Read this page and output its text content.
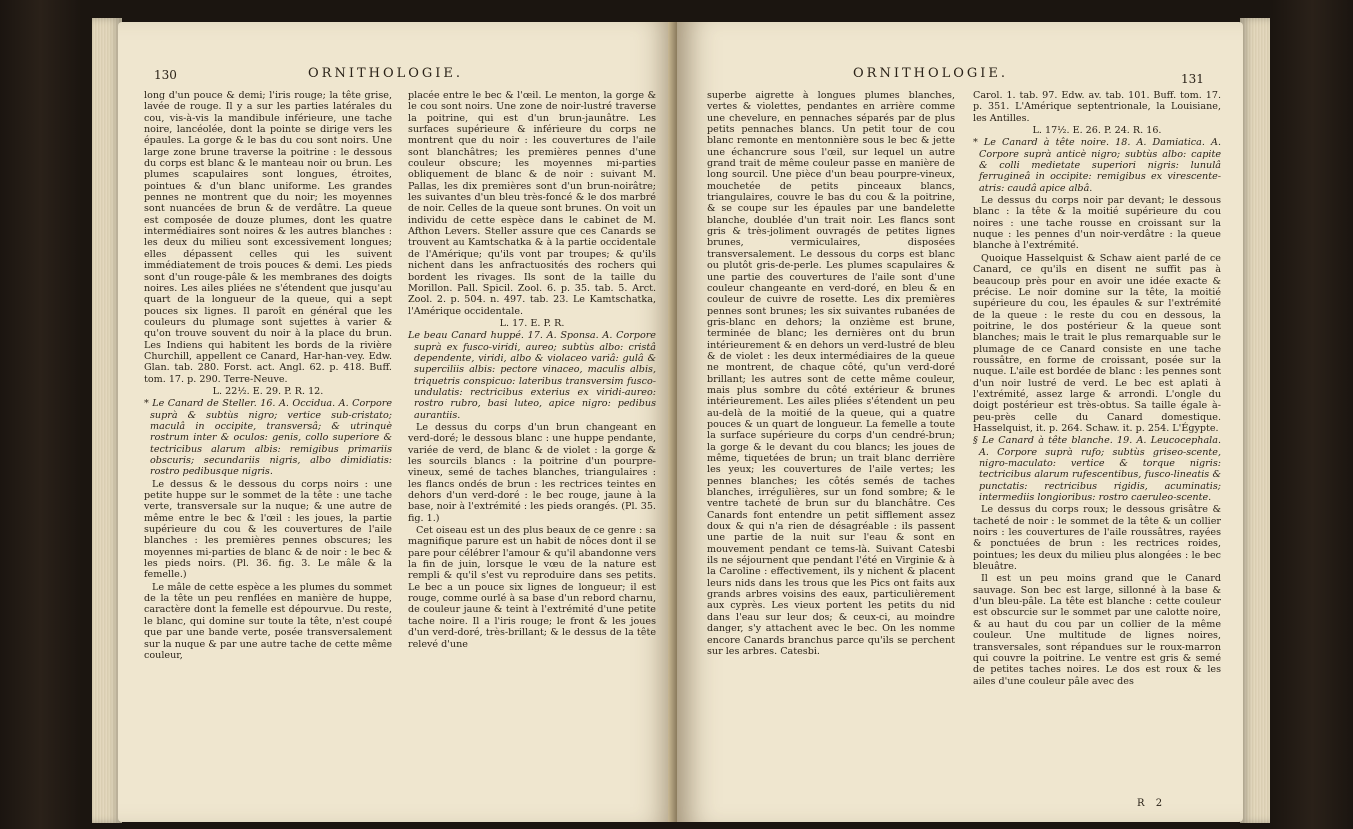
130	ORNITHOLOGIE.

long d'un pouce & demi; l'iris rouge; la tête grise, lavée de rouge. Il y a sur les parties latérales du cou, vis-à-vis la mandibule inférieure, une tache noire, lancéolée, dont la pointe se dirige vers les épaules. La gorge & le bas du cou sont noirs. Une large zone brune traverse la poitrine : le dessous du corps est blanc & le manteau noir ou brun. Les plumes scapulaires sont longues, étroites, pointues & d'un blanc uniforme. Les grandes pennes ne montrent que du noir; les moyennes sont nuancées de brun & de verdâtre. La queue est composée de douze plumes, dont les quatre intermédiaires sont noires & les autres blanches : les deux du milieu sont excessivement longues; elles dépassent celles qui les suivent immédiatement de trois pouces & demi. Les pieds sont d'un rouge-pâle & les membranes des doigts noires. Les ailes pliées ne s'étendent que jusqu'au quart de la longueur de la queue, qui a sept pouces six lignes. Il paroît en général que les couleurs du plumage sont sujettes à varier & qu'on trouve souvent du noir à la place du brun. Les Indiens qui habitent les bords de la rivière Churchill, appellent ce Canard, Har-han-vey. Edw. Glan. tab. 280. Forst. act. Angl. 62. p. 418. Buff. tom. 17. p. 290. Terre-Neuve.

L. 22½. E. 29. P. R. 12.

* Le Canard de Steller. 16. A. Occidua. A. Corpore suprà & subtùs nigro; vertice sub-cristato; maculâ in occipite, transversâ; & utrinquè rostrum inter & oculos: genis, collo superiore & tectricibus alarum albis: remigibus primariis obscuris; secundariis nigris, albo dimidiatis: rostro pedibusque nigris.

Le dessus & le dessous du corps noirs : une petite huppe sur le sommet de la tête : une tache verte, transversale sur la nuque; & une autre de même entre le bec & l'œil : les joues, la partie supérieure du cou & les couvertures de l'aile blanches : les premières pennes obscures; les moyennes mi-parties de blanc & de noir : le bec & les pieds noirs. (Pl. 36. fig. 3. Le mâle & la femelle.)

Le mâle de cette espèce a les plumes du sommet de la tête un peu renflées en manière de huppe, caractère dont la femelle est dépourvue. Du reste, le blanc, qui domine sur toute la tête, n'est coupé que par une bande verte, posée transversalement sur la nuque & par une autre tache de cette même couleur,

placée entre le bec & l'œil. Le menton, la gorge & le cou sont noirs. Une zone de noir-lustré traverse la poitrine, qui est d'un brun-jaunâtre. Les surfaces supérieure & inférieure du corps ne montrent que du noir : les couvertures de l'aile sont blanchâtres; les premières pennes d'une couleur obscure; les moyennes mi-parties obliquement de blanc & de noir : suivant M. Pallas, les dix premières sont d'un brun-noirâtre; les suivantes d'un bleu très-foncé & le dos marbré de noir. Celles de la queue sont brunes. On voit un individu de cette espèce dans le cabinet de M. Afthon Levers. Steller assure que ces Canards se trouvent au Kamtschatka & à la partie occidentale de l'Amérique; qu'ils vont par troupes; & qu'ils nichent dans les anfractuosités des rochers qui bordent les rivages. Ils sont de la taille du Morillon. Pall. Spicil. Zool. 6. p. 35. tab. 5. Arct. Zool. 2. p. 504. n. 497. tab. 23. Le Kamtschatka, l'Amérique occidentale.

L. 17. E. P. R.

Le beau Canard huppé. 17. A. Sponsa. A. Corpore suprà ex fusco-viridi, aureo; subtùs albo: cristâ dependente, viridi, albo & violaceo variâ: gulâ & superciliis albis: pectore vinaceo, maculis albis, triquetris conspicuo: lateribus transversim fusco-undulatis: rectricibus exterius ex viridi-aureo: rostro rubro, basi luteo, apice nigro: pedibus aurantiis.

Le dessus du corps d'un brun changeant en verd-doré; le dessous blanc : une huppe pendante, variée de verd, de blanc & de violet : la gorge & les sourcils blancs : la poitrine d'un pourpre-vineux, semé de taches blanches, triangulaires : les flancs ondés de brun : les rectrices teintes en dehors d'un verd-doré : le bec rouge, jaune à la base, noir à l'extrémité : les pieds orangés. (Pl. 35. fig. 1.)

Cet oiseau est un des plus beaux de ce genre : sa magnifique parure est un habit de nôces dont il se pare pour célébrer l'amour & qu'il abandonne vers la fin de juin, lorsque le vœu de la nature est rempli & qu'il s'est vu reproduire dans ses petits. Le bec a un pouce six lignes de longueur; il est rouge, comme ourlé à sa base d'un rebord charnu, de couleur jaune & teint à l'extrémité d'une petite tache noire. Il a l'iris rouge; le front & les joues d'un verd-doré, très-brillant; & le dessus de la tête relevé d'une

ORNITHOLOGIE.	131

superbe aigrette à longues plumes blanches, vertes & violettes, pendantes en arrière comme une chevelure, en pennaches séparés par de plus petits pennaches blancs. Un petit tour de cou blanc remonte en mentonnière sous le bec & jette une échancrure sous l'œil, sur lequel un autre grand trait de même couleur passe en manière de long sourcil. Une pièce d'un beau pourpre-vineux, mouchetée de petits pinceaux blancs, triangulaires, couvre le bas du cou & la poitrine, & se coupe sur les épaules par une bandelette blanche, doublée d'un trait noir. Les flancs sont gris & très-joliment ouvragés de petites lignes brunes, vermiculaires, disposées transversalement. Le dessous du corps est blanc ou plutôt gris-de-perle. Les plumes scapulaires & une partie des couvertures de l'aile sont d'une couleur changeante en verd-doré, en bleu & en couleur de cuivre de rosette. Les dix premières pennes sont brunes; les six suivantes rubanées de gris-blanc en dehors; la onzième est brune, terminée de blanc; les dernières ont du brun intérieurement & en dehors un verd-lustré de bleu & de violet : les deux intermédiaires de la queue ne montrent, de chaque côté, qu'un verd-doré brillant; les autres sont de cette même couleur, mais plus sombre du côté extérieur & brunes intérieurement. Les ailes pliées s'étendent un peu au-delà de la moitié de la queue, qui a quatre pouces & un quart de longueur. La femelle a toute la surface supérieure du corps d'un cendré-brun; la gorge & le devant du cou blancs; les joues de même, tiquetées de brun; un trait blanc derrière les yeux; les couvertures de l'aile vertes; les pennes blanches; les côtés semés de taches blanches, irrégulières, sur un fond sombre; & le ventre tacheté de brun sur du blanchâtre. Ces Canards font entendre un petit sifflement assez doux & qui n'a rien de désagréable : ils passent une partie de la nuit sur l'eau & sont en mouvement pendant ce tems-là. Suivant Catesbi ils ne séjournent que pendant l'été en Virginie & à la Caroline : effectivement, ils y nichent & placent leurs nids dans les trous que les Pics ont faits aux grands arbres voisins des eaux, particulièrement aux cyprès. Les vieux portent les petits du nid dans l'eau sur leur dos; & ceux-ci, au moindre danger, s'y attachent avec le bec. On les nomme encore Canards branchus parce qu'ils se perchent sur les arbres. Catesbi.

Carol. 1. tab. 97. Edw. av. tab. 101. Buff. tom. 17. p. 351. L'Amérique septentrionale, la Louisiane, les Antilles.

L. 17½. E. 26. P. 24. R. 16.

* Le Canard à tête noire. 18. A. Damiatica. A. Corpore suprà anticè nigro; subtùs albo: capite & colli medietate superiori nigris: lunulâ ferrugineâ in occipite: remigibus ex virescente-atris: caudâ apice albâ.

Le dessus du corps noir par devant; le dessous blanc : la tête & la moitié supérieure du cou noires : une tache rousse en croissant sur la nuque : les pennes d'un noir-verdâtre : la queue blanche à l'extrémité.

Quoique Hasselquist & Schaw aient parlé de ce Canard, ce qu'ils en disent ne suffit pas à beaucoup près pour en avoir une idée exacte & précise. Le noir domine sur la tête, la moitié supérieure du cou, les épaules & sur l'extrémité de la queue : le reste du cou en dessous, la poitrine, le dos postérieur & la queue sont blanches; mais le trait le plus remarquable sur le plumage de ce Canard consiste en une tache roussâtre, en forme de croissant, posée sur la nuque. L'aile est bordée de blanc : les pennes sont d'un noir lustré de verd. Le bec est aplati à l'extrémité, assez large & arrondi. L'ongle du doigt postérieur est très-obtus. Sa taille égale à-peu-près celle du Canard domestique. Hasselquist, it. p. 264. Schaw. it. p. 254. L'Égypte.

§ Le Canard à tête blanche. 19. A. Leucocephala. A. Corpore suprà rufo; subtùs griseo-scente, nigro-maculato: vertice & torque nigris: tectricibus alarum rufescentibus, fusco-lineatis & punctatis: rectricibus rigidis, acuminatis; intermediis longioribus: rostro caeruleo-scente.

Le dessus du corps roux; le dessous grisâtre & tacheté de noir : le sommet de la tête & un collier noirs : les couvertures de l'aile roussâtres, rayées & ponctuées de brun : les rectrices roides, pointues; les deux du milieu plus alongées : le bec bleuâtre.

Il est un peu moins grand que le Canard sauvage. Son bec est large, sillonné à la base & d'un bleu-pâle. La tête est blanche : cette couleur est obscurcie sur le sommet par une calotte noire, & au haut du cou par un collier de la même couleur. Une multitude de lignes noires, transversales, sont répandues sur le roux-marron qui couvre la poitrine. Le ventre est gris & semé de petites taches noires. Le dos est roux & les ailes d'une couleur pâle avec des

R 2
